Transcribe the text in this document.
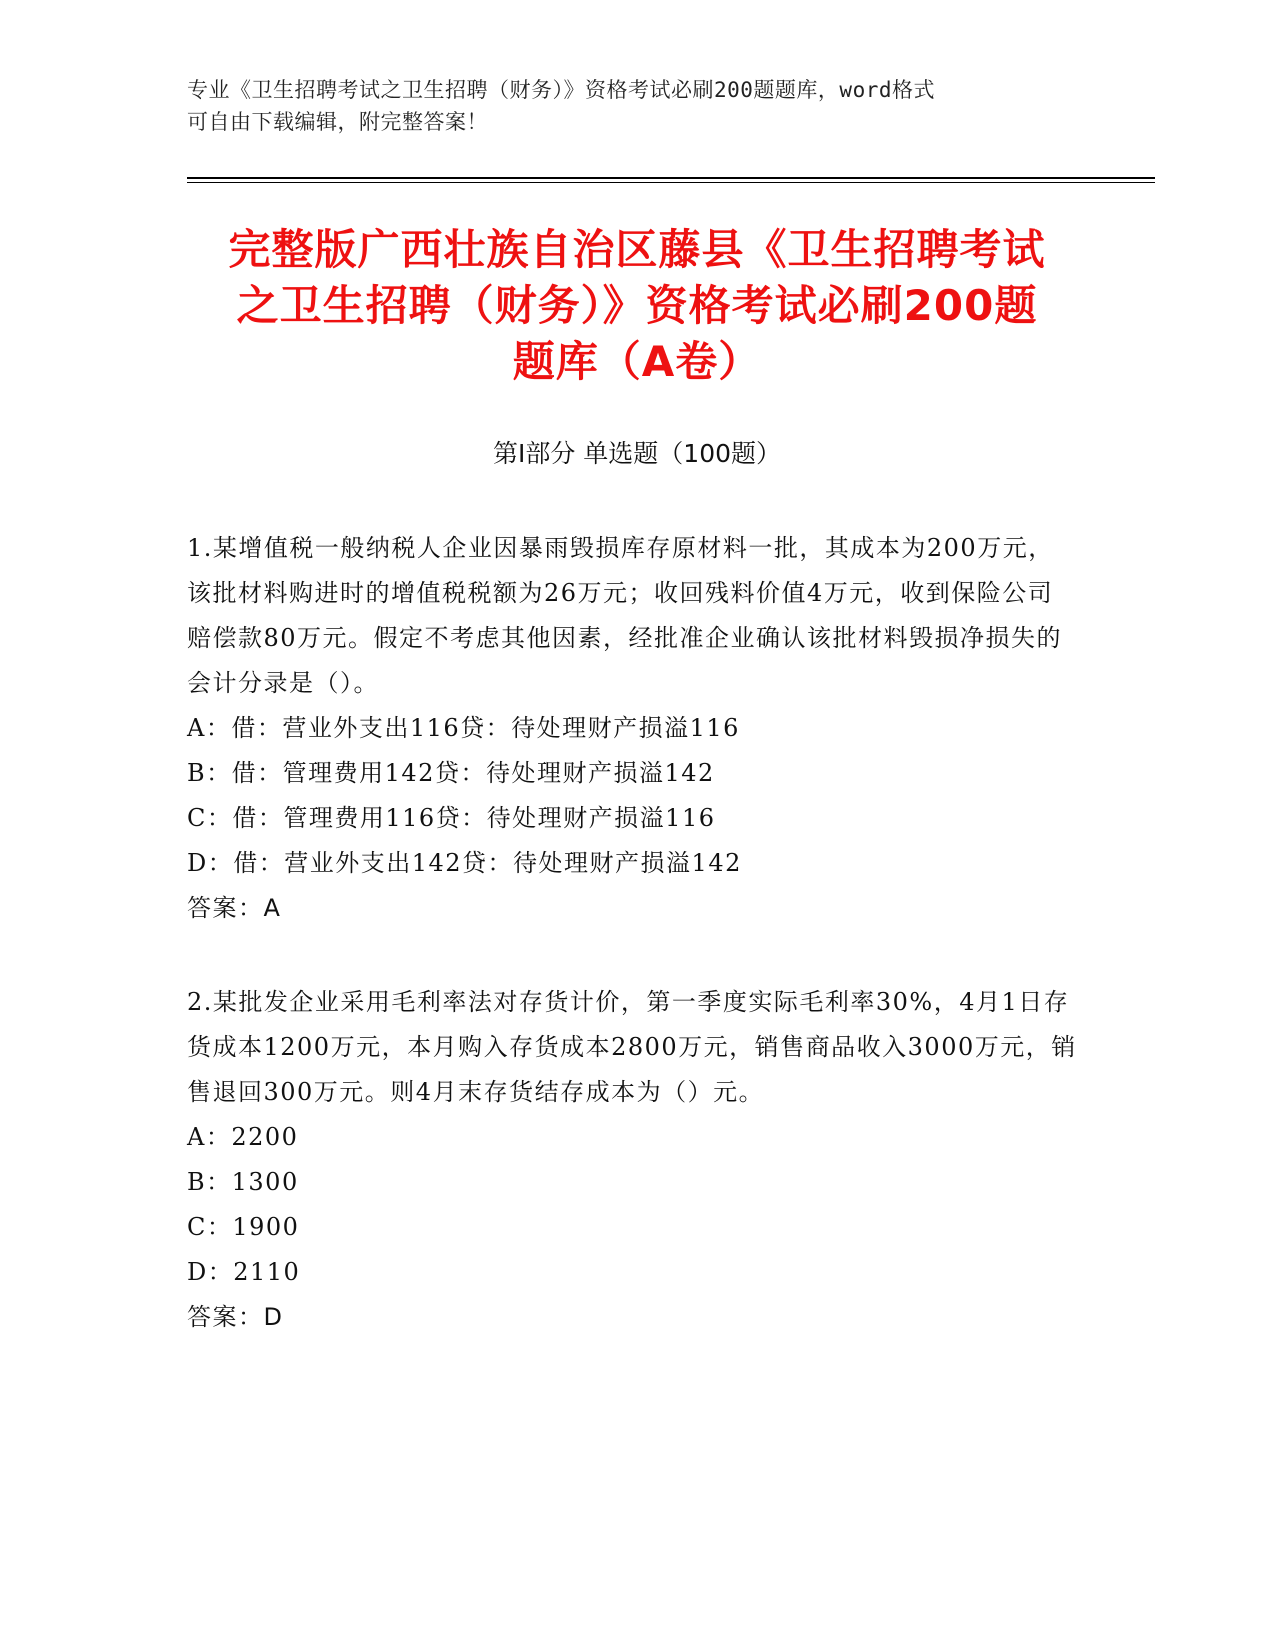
专业《卫生招聘考试之卫生招聘（财务）》资格考试必刷200题题库，word格式
可自由下载编辑，附完整答案！
完整版广西壮族自治区藤县《卫生招聘考试
之卫生招聘（财务）》资格考试必刷200题
题库（A卷）
第Ⅰ部分 单选题（100题）
1.某增值税一般纳税人企业因暴雨毁损库存原材料一批，其成本为200万元，该批材料购进时的增值税税额为26万元；收回残料价值4万元，收到保险公司赔偿款80万元。假定不考虑其他因素，经批准企业确认该批材料毁损净损失的会计分录是（）。
A：借：营业外支出116贷：待处理财产损溢116
B：借：管理费用142贷：待处理财产损溢142
C：借：管理费用116贷：待处理财产损溢116
D：借：营业外支出142贷：待处理财产损溢142
答案：A
2.某批发企业采用毛利率法对存货计价，第一季度实际毛利率30%，4月1日存货成本1200万元，本月购入存货成本2800万元，销售商品收入3000万元，销售退回300万元。则4月末存货结存成本为（）元。
A：2200
B：1300
C：1900
D：2110
答案：D
